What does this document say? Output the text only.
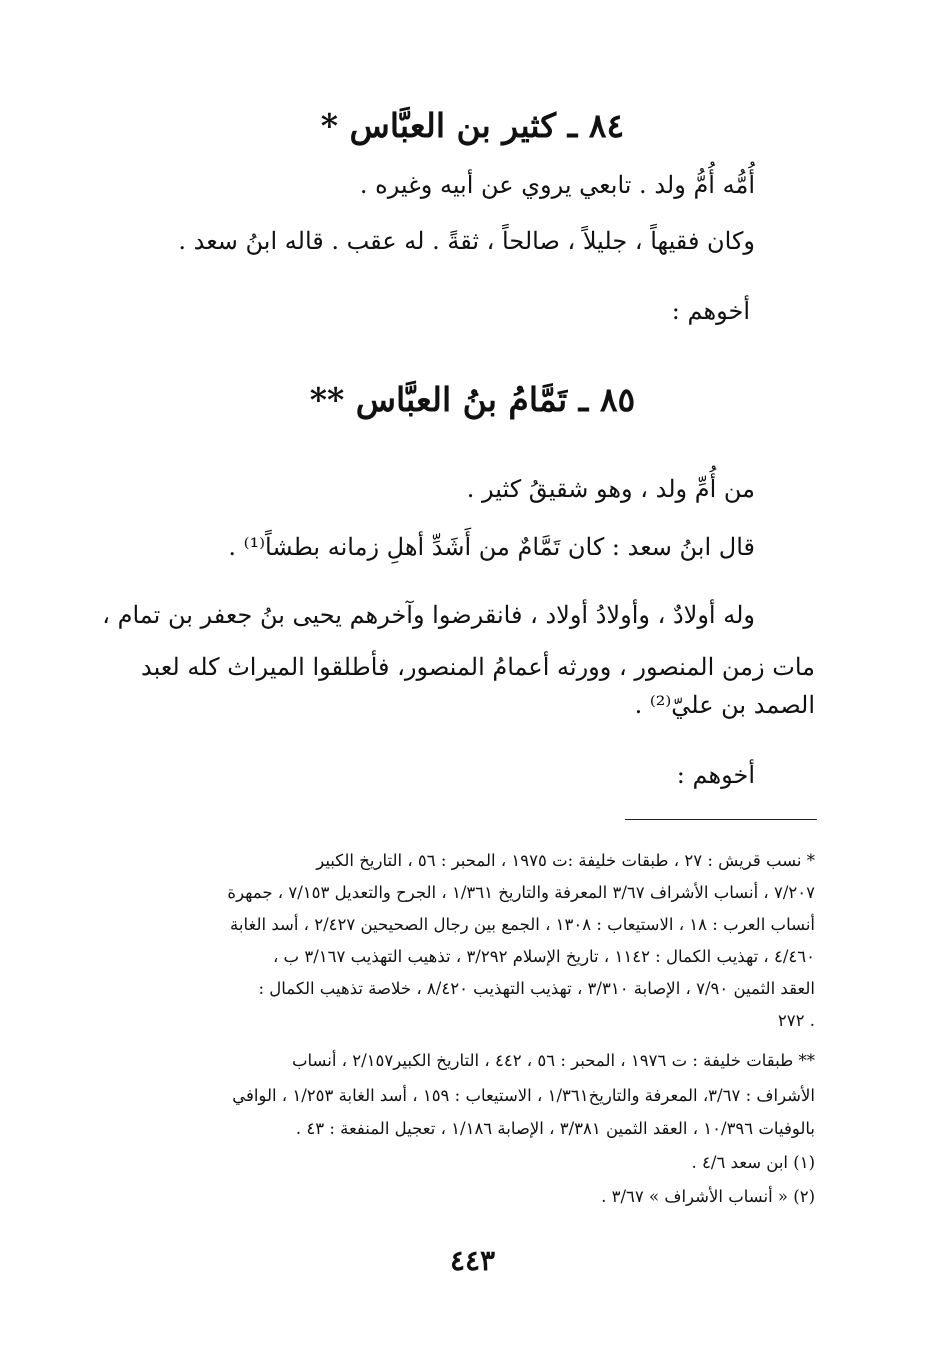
٨٤ ـ كثير بن العبَّاس *
أُمُّه أُمُّ ولد . تابعي يروي عن أبيه وغيره .
وكان فقيهاً ، جليلاً ، صالحاً ، ثقةً . له عقب . قاله ابنُ سعد .
أخوهم :
٨٥ ـ تَمَّامُ بنُ العبَّاس **
من أُمِّ ولد ، وهو شقيقُ كثير .
قال ابنُ سعد : كان تَمَّامٌ من أَشَدِّ أهلِ زمانه بطشاً⁽¹⁾ .
وله أولادٌ ، وأولادُ أولاد ، فانقرضوا وآخرهم يحيى بنُ جعفر بن تمام ،
مات زمن المنصور ، وورثه أعمامُ المنصور، فأطلقوا الميراث كله لعبد
الصمد بن عليّ⁽²⁾ .
أخوهم :
* نسب قريش : ٢٧ ، طبقات خليفة :ت ١٩٧٥ ، المحبر : ٥٦ ، التاريخ الكبير
٧/٢٠٧ ، أنساب الأشراف ٣/٦٧ المعرفة والتاريخ ١/٣٦١ ، الجرح والتعديل ٧/١٥٣ ، جمهرة
أنساب العرب : ١٨ ، الاستيعاب : ١٣٠٨ ، الجمع بين رجال الصحيحين ٢/٤٢٧ ، أسد الغابة
٤/٤٦٠ ، تهذيب الكمال : ١١٤٢ ، تاريخ الإسلام ٣/٢٩٢ ، تذهيب التهذيب ٣/١٦٧ ب ،
العقد الثمين ٧/٩٠ ، الإصابة ٣/٣١٠ ، تهذيب التهذيب ٨/٤٢٠ ، خلاصة تذهيب الكمال :
٢٧٢ .
** طبقات خليفة : ت ١٩٧٦ ، المحبر : ٥٦ ، ٤٤٢ ، التاريخ الكبير٢/١٥٧ ، أنساب
الأشراف : ٣/٦٧، المعرفة والتاريخ١/٣٦١ ، الاستيعاب : ١٥٩ ، أسد الغابة ١/٢٥٣ ، الوافي
بالوفيات ١٠/٣٩٦ ، العقد الثمين ٣/٣٨١ ، الإصابة ١/١٨٦ ، تعجيل المنفعة : ٤٣ .
(١) ابن سعد ٤/٦ .
(٢) « أنساب الأشراف » ٣/٦٧ .
٤٤٣
